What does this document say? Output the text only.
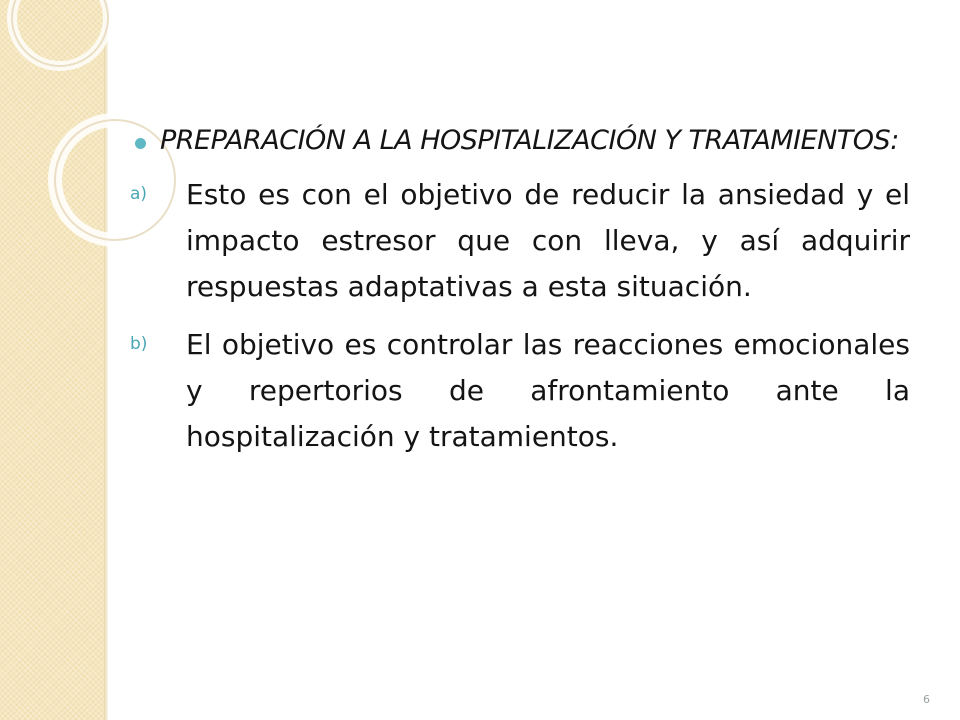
PREPARACIÓN A LA HOSPITALIZACIÓN Y TRATAMIENTOS:
a) Esto es con el objetivo de reducir la ansiedad y el impacto estresor que con lleva, y así adquirir respuestas adaptativas a esta situación.
b) El objetivo es controlar las reacciones emocionales y repertorios de afrontamiento ante la hospitalización y tratamientos.
6
